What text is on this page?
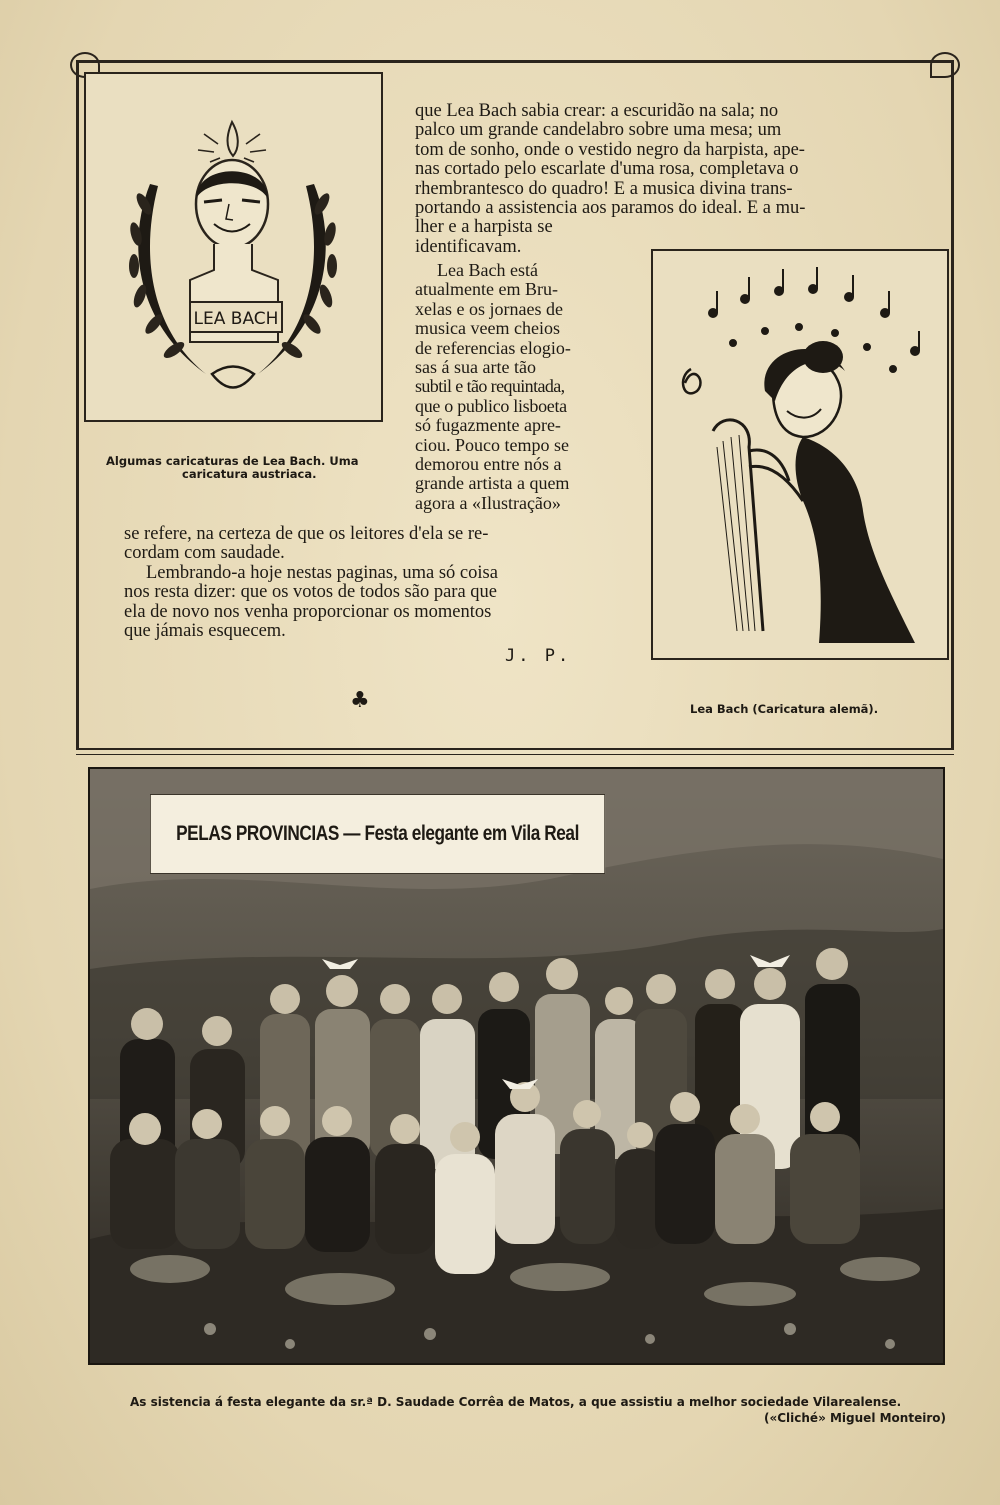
LEA BACH
Algumas caricaturas de Lea Bach. Uma
caricatura austriaca.
Lea Bach (Caricatura alemã).
que Lea Bach sabia crear: a escuridão na sala; no
palco um grande candelabro sobre uma mesa; um
tom de sonho, onde o vestido negro da harpista, ape-
nas cortado pelo escarlate d'uma rosa, completava o
rhembrantesco do quadro! E a musica divina trans-
portando a assistencia aos paramos do ideal. E a mu-
lher e a harpista se
identificavam.
Lea Bach está
atualmente em Bru-
xelas e os jornaes de
musica veem cheios
de referencias elogio-
sas á sua arte tão
subtil e tão requintada,
que o publico lisboeta
só fugazmente apre-
ciou. Pouco tempo se
demorou entre nós a
grande artista a quem
agora a «Ilustração»
se refere, na certeza de que os leitores d'ela se re-
cordam com saudade.
Lembrando-a hoje nestas paginas, uma só coisa
nos resta dizer: que os votos de todos são para que
ela de novo nos venha proporcionar os momentos
que jámais esquecem.
J. P.
♣
PELAS PROVINCIAS — Festa elegante em Vila Real
As sistencia á festa elegante da sr.ª D. Saudade Corrêa de Matos, a que assistiu a melhor sociedade Vilarealense.
(«Cliché» Miguel Monteiro)
